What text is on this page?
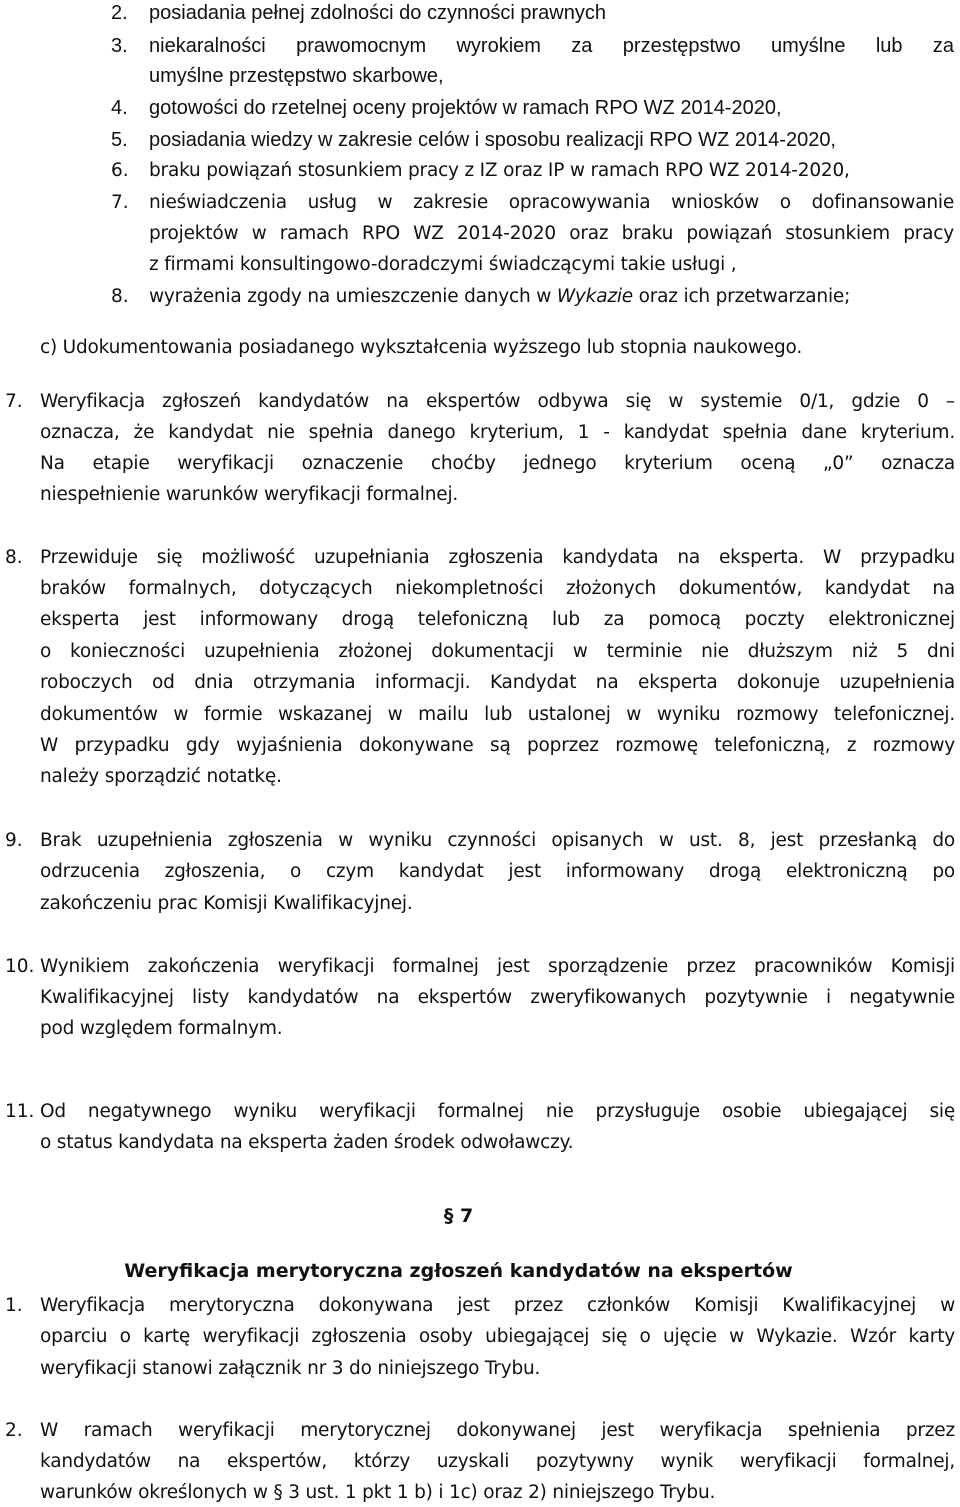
2. posiadania pełnej zdolności do czynności prawnych

3. niekaralności prawomocnym wyrokiem za przestępstwo umyślne lub za

umyślne przestępstwo skarbowe,

4. gotowości do rzetelnej oceny projektów w ramach RPO WZ 2014-2020,

5. posiadania wiedzy w zakresie celów i sposobu realizacji RPO WZ 2014-2020,

6. braku powiązań stosunkiem pracy z IZ oraz IP w ramach RPO WZ 2014-2020,

7. nieświadczenia usług w zakresie opracowywania wniosków o dofinansowanie

projektów w ramach RPO WZ 2014-2020 oraz braku powiązań stosunkiem pracy

z firmami konsultingowo-doradczymi świadczącymi takie usługi ,

8. wyrażenia zgody na umieszczenie danych w Wykazie oraz ich przetwarzanie;

c) Udokumentowania posiadanego wykształcenia wyższego lub stopnia naukowego.

7. Weryfikacja zgłoszeń kandydatów na ekspertów odbywa się w systemie 0/1, gdzie 0 –

oznacza, że kandydat nie spełnia danego kryterium, 1 - kandydat spełnia dane kryterium.

Na etapie weryfikacji oznaczenie choćby jednego kryterium oceną „0” oznacza

niespełnienie warunków weryfikacji formalnej.

8. Przewiduje się możliwość uzupełniania zgłoszenia kandydata na eksperta. W przypadku

braków formalnych, dotyczących niekompletności złożonych dokumentów, kandydat na

eksperta jest informowany drogą telefoniczną lub za pomocą poczty elektronicznej

o konieczności uzupełnienia złożonej dokumentacji w terminie nie dłuższym niż 5 dni

roboczych od dnia otrzymania informacji. Kandydat na eksperta dokonuje uzupełnienia

dokumentów w formie wskazanej w mailu lub ustalonej w wyniku rozmowy telefonicznej.

W przypadku gdy wyjaśnienia dokonywane są poprzez rozmowę telefoniczną, z rozmowy

należy sporządzić notatkę.

9. Brak uzupełnienia zgłoszenia w wyniku czynności opisanych w ust. 8, jest przesłanką do

odrzucenia zgłoszenia, o czym kandydat jest informowany drogą elektroniczną po

zakończeniu prac Komisji Kwalifikacyjnej.

10. Wynikiem zakończenia weryfikacji formalnej jest sporządzenie przez pracowników Komisji

Kwalifikacyjnej listy kandydatów na ekspertów zweryfikowanych pozytywnie i negatywnie

pod względem formalnym.

11. Od negatywnego wyniku weryfikacji formalnej nie przysługuje osobie ubiegającej się

o status kandydata na eksperta żaden środek odwoławczy.

§ 7

Weryfikacja merytoryczna zgłoszeń kandydatów na ekspertów

1. Weryfikacja merytoryczna dokonywana jest przez członków Komisji Kwalifikacyjnej w

oparciu o kartę weryfikacji zgłoszenia osoby ubiegającej się o ujęcie w Wykazie. Wzór karty

weryfikacji stanowi załącznik nr 3 do niniejszego Trybu.

2. W ramach weryfikacji merytorycznej dokonywanej jest weryfikacja spełnienia przez

kandydatów na ekspertów, którzy uzyskali pozytywny wynik weryfikacji formalnej,

warunków określonych w § 3 ust. 1 pkt 1 b) i 1c) oraz 2) niniejszego Trybu.
